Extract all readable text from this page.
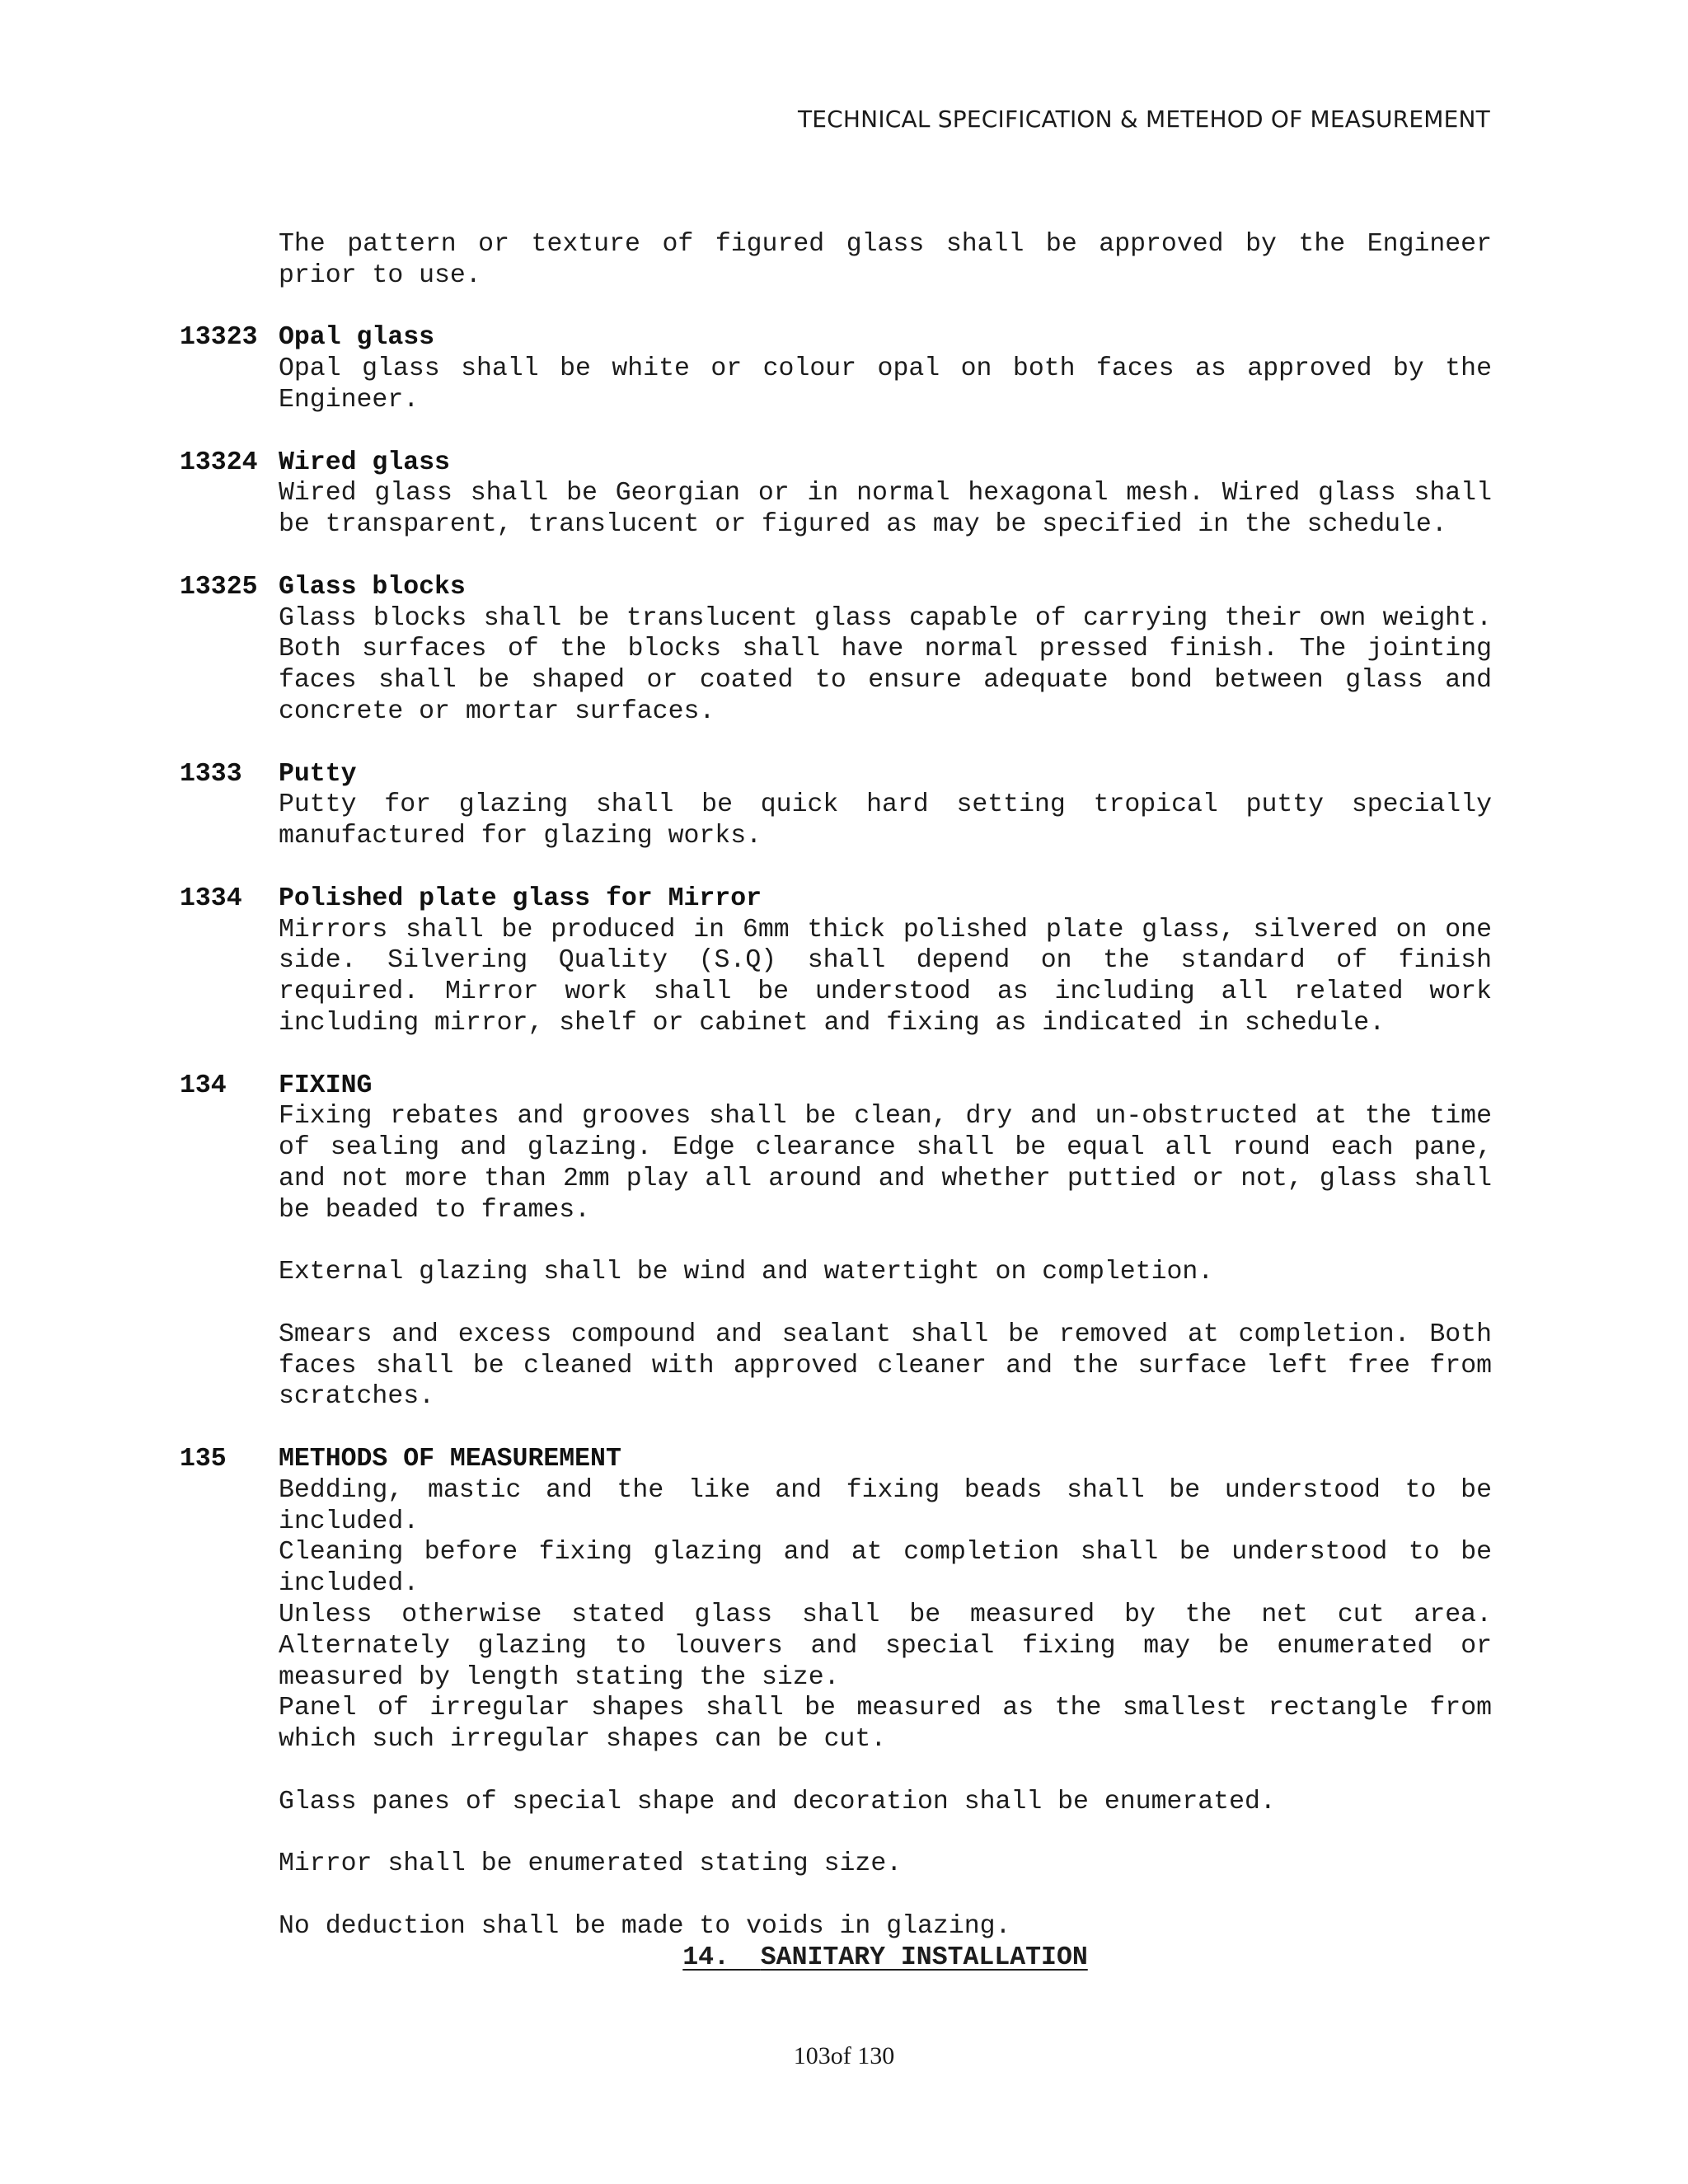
TECHNICAL SPECIFICATION & METEHOD OF MEASUREMENT
The pattern or texture of figured glass shall be approved by the Engineer prior to use.
13323 Opal glass
Opal glass shall be white or colour opal on both faces as approved by the Engineer.
13324 Wired glass
Wired glass shall be Georgian or in normal hexagonal mesh. Wired glass shall be transparent, translucent or figured as may be specified in the schedule.
13325 Glass blocks
Glass blocks shall be translucent glass capable of carrying their own weight. Both surfaces of the blocks shall have normal pressed finish. The jointing faces shall be shaped or coated to ensure adequate bond between glass and concrete or mortar surfaces.
1333	Putty
Putty for glazing shall be quick hard setting tropical putty specially manufactured for glazing works.
1334	Polished plate glass for Mirror
Mirrors shall be produced in 6mm thick polished plate glass, silvered on one side. Silvering Quality (S.Q) shall depend on the standard of finish required. Mirror work shall be understood as including all related work including mirror, shelf or cabinet and fixing as indicated in schedule.
134	FIXING
Fixing rebates and grooves shall be clean, dry and un-obstructed at the time of sealing and glazing. Edge clearance shall be equal all round each pane, and not more than 2mm play all around and whether puttied or not, glass shall be beaded to frames.
External glazing shall be wind and watertight on completion.
Smears and excess compound and sealant shall be removed at completion. Both faces shall be cleaned with approved cleaner and the surface left free from scratches.
135	METHODS OF MEASUREMENT
Bedding, mastic and the like and fixing beads shall be understood to be included.
Cleaning before fixing glazing and at completion shall be understood to be included.
Unless otherwise stated glass shall be measured by the net cut area. Alternately glazing to louvers and special fixing may be enumerated or measured by length stating the size.
Panel of irregular shapes shall be measured as the smallest rectangle from which such irregular shapes can be cut.
Glass panes of special shape and decoration shall be enumerated.
Mirror shall be enumerated stating size.
No deduction shall be made to voids in glazing.
14. SANITARY INSTALLATION
103of 130
